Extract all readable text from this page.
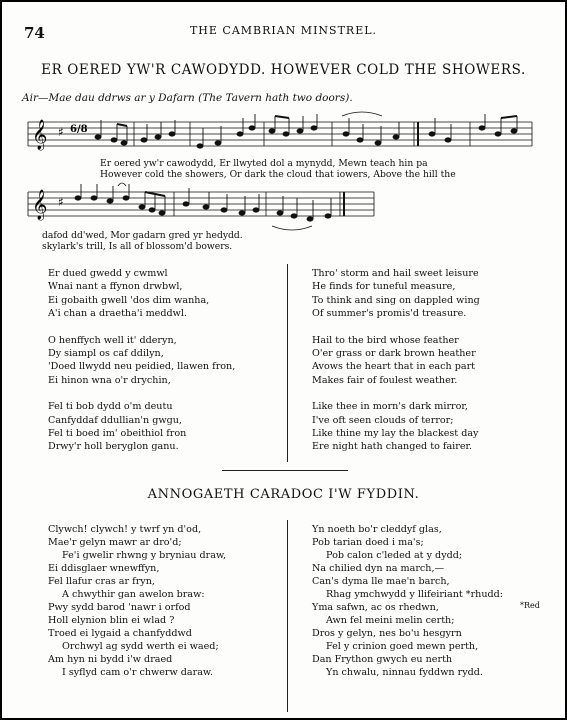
74	THE CAMBRIAN MINSTREL.
ER OERED YW'R CAWODYDD. HOWEVER COLD THE SHOWERS.
Air—Mae dau ddrws ar y Dafarn (The Tavern hath two doors).
𝄞 ♯ 6/8
Er oered yw'r cawodydd, Er llwyted dol a mynydd, Mewn teach hin pa
However cold the showers, Or dark the cloud that iowers, Above the hill the
𝄞 ♯
dafod dd'wed, Mor gadarn gred yr hedydd.
skylark's trill, Is all of blossom'd bowers.
Er dued gwedd y cwmwl
Wnai nant a ffynon drwbwl,
Ei gobaith gwell 'dos dim wanha,
A'i chan a draetha'i meddwl.
O henffych well it' dderyn,
Dy siampl os caf ddilyn,
'Doed llwydd neu peidied, llawen fron,
Ei hinon wna o'r drychin,
Fel ti bob dydd o'm deutu
Canfyddaf ddullian'n gwgu,
Fel ti boed im' obeithiol fron
Drwy'r holl beryglon ganu.
Thro' storm and hail sweet leisure
He finds for tuneful measure,
To think and sing on dappled wing
Of summer's promis'd treasure.
Hail to the bird whose feather
O'er grass or dark brown heather
Avows the heart that in each part
Makes fair of foulest weather.
Like thee in morn's dark mirror,
I've oft seen clouds of terror;
Like thine my lay the blackest day
Ere night hath changed to fairer.
ANNOGAETH CARADOC I'W FYDDIN.
Clywch! clywch! y twrf yn d'od,
Mae'r gelyn mawr ar dro'd;
Fe'i gwelir rhwng y bryniau draw,
Ei ddisglaer wnewffyn,
Fel llafur cras ar fryn,
A chwythir gan awelon braw:
Pwy sydd barod 'nawr i orfod
Holl elynion blin ei wlad ?
Troed ei lygaid a chanfyddwd
Orchwyl ag sydd werth ei waed;
Am hyn ni bydd i'w draed
I syflyd cam o'r chwerw daraw.
Yn noeth bo'r cleddyf glas,
Pob tarian doed i ma's;
Pob calon c'leded at y dydd;
Na chilied dyn na march,—
Can's dyma lle mae'n barch,
Rhag ymchwydd y llifeiriant *rhudd:
Yma safwn, ac os rhedwn,
Awn fel meini melin certh;
Dros y gelyn, nes bo'u hesgyrn
Fel y crinion goed mewn perth,
Dan Frython gwych eu nerth
Yn chwalu, ninnau fyddwn rydd.
*Red
